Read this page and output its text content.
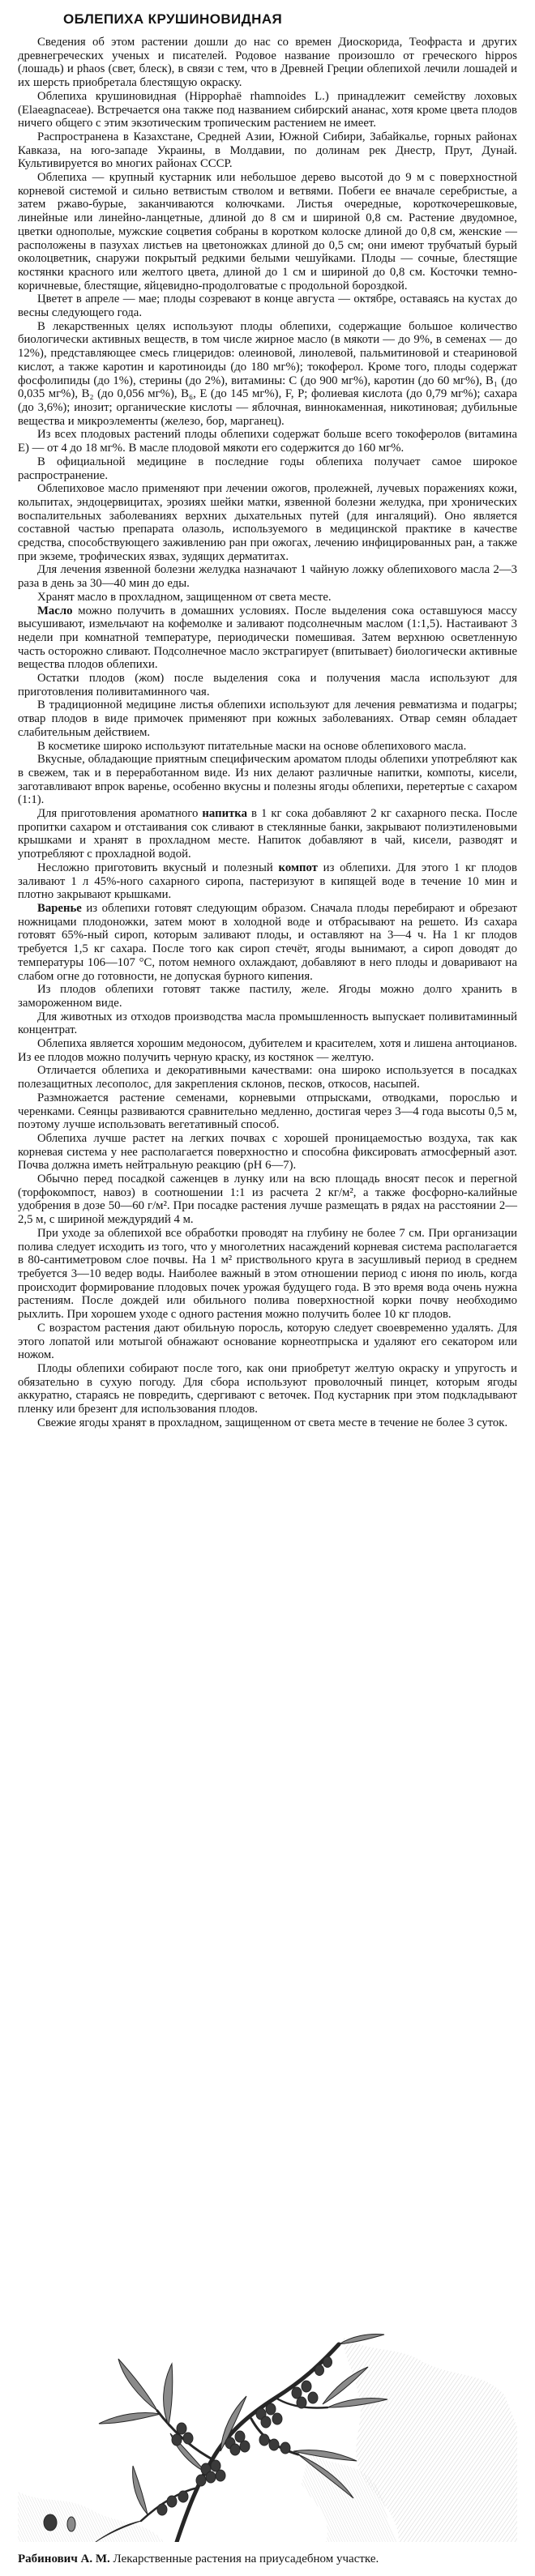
ОБЛЕПИХА КРУШИНОВИДНАЯ

Сведения об этом растении дошли до нас со времен Диоскорида, Теофраста и других древнегреческих ученых и писателей. Родовое название произошло от греческого hippos (лошадь) и phaos (свет, блеск), в связи с тем, что в Древней Греции облепихой лечили лошадей и их шерсть приобретала блестящую окраску.

Облепиха крушиновидная (Hippophaë rhamnoides L.) принадлежит семейству лоховых (Elaeagnaceae). Встречается она также под названием сибирский ананас, хотя кроме цвета плодов ничего общего с этим экзотическим тропическим растением не имеет.

Распространена в Казахстане, Средней Азии, Южной Сибири, Забайкалье, горных районах Кавказа, на юго-западе Украины, в Молдавии, по долинам рек Днестр, Прут, Дунай. Культивируется во многих районах СССР.

Облепиха — крупный кустарник или небольшое дерево высотой до 9 м с поверхностной корневой системой и сильно ветвистым стволом и ветвями. Побеги ее вначале серебристые, а затем ржаво-бурые, заканчиваются колючками. Листья очередные, короткочерешковые, линейные или линейно-ланцетные, длиной до 8 см и шириной 0,8 см. Растение двудомное, цветки однополые, мужские соцветия собраны в коротком колоске длиной до 0,8 см, женские — расположены в пазухах листьев на цветоножках длиной до 0,5 см; они имеют трубчатый бурый околоцветник, снаружи покрытый редкими белыми чешуйками. Плоды — сочные, блестящие костянки красного или желтого цвета, длиной до 1 см и шириной до 0,8 см. Косточки темно-коричневые, блестящие, яйцевидно-продолговатые с продольной бороздкой.

Цветет в апреле — мае; плоды созревают в конце августа — октябре, оставаясь на кустах до весны следующего года.

В лекарственных целях используют плоды облепихи, содержащие большое количество биологически активных веществ, в том числе жирное масло (в мякоти — до 9%, в семенах — до 12%), представляющее смесь глицеридов: олеиновой, линолевой, пальмитиновой и стеариновой кислот, а также каротин и каротиноиды (до 180 мг%); токоферол. Кроме того, плоды содержат фосфолипиды (до 1%), стерины (до 2%), витамины: C (до 900 мг%), каротин (до 60 мг%), B₁ (до 0,035 мг%), B₂ (до 0,056 мг%), B₆, E (до 145 мг%), F, P; фолиевая кислота (до 0,79 мг%); сахара (до 3,6%); инозит; органические кислоты — яблочная, виннокаменная, никотиновая; дубильные вещества и микроэлементы (железо, бор, марганец).

Из всех плодовых растений плоды облепихи содержат больше всего токоферолов (витамина E) — от 4 до 18 мг%. В масле плодовой мякоти его содержится до 160 мг%.

В официальной медицине в последние годы облепиха получает самое широкое распространение.

Облепиховое масло применяют при лечении ожогов, пролежней, лучевых поражениях кожи, кольпитах, эндоцервицитах, эрозиях шейки матки, язвенной болезни желудка, при хронических воспалительных заболеваниях верхних дыхательных путей (для ингаляций). Оно является составной частью препарата олазоль, используемого в медицинской практике в качестве средства, способствующего заживлению ран при ожогах, лечению инфицированных ран, а также при экземе, трофических язвах, зудящих дерматитах.

Для лечения язвенной болезни желудка назначают 1 чайную ложку облепихового масла 2—3 раза в день за 30—40 мин до еды.

Хранят масло в прохладном, защищенном от света месте.

Масло можно получить в домашних условиях. После выделения сока оставшуюся массу высушивают, измельчают на кофемолке и заливают подсолнечным маслом (1:1,5). Настаивают 3 недели при комнатной температуре, периодически помешивая. Затем верхнюю осветленную часть осторожно сливают. Подсолнечное масло экстрагирует (впитывает) биологически активные вещества плодов облепихи.

Остатки плодов (жом) после выделения сока и получения масла используют для приготовления поливитаминного чая.

В традиционной медицине листья облепихи используют для лечения ревматизма и подагры; отвар плодов в виде примочек применяют при кожных заболеваниях. Отвар семян обладает слабительным действием.

В косметике широко используют питательные маски на основе облепихового масла.

Вкусные, обладающие приятным специфическим ароматом плоды облепихи употребляют как в свежем, так и в переработанном виде. Из них делают различные напитки, компоты, кисели, заготавливают впрок варенье, особенно вкусны и полезны ягоды облепихи, перетертые с сахаром (1:1).

Для приготовления ароматного напитка в 1 кг сока добавляют 2 кг сахарного песка. После пропитки сахаром и отстаивания сок сливают в стеклянные банки, закрывают полиэтиленовыми крышками и хранят в прохладном месте. Напиток добавляют в чай, кисели, разводят и употребляют с прохладной водой.

Несложно приготовить вкусный и полезный компот из облепихи. Для этого 1 кг плодов заливают 1 л 45%-ного сахарного сиропа, пастеризуют в кипящей воде в течение 10 мин и плотно закрывают крышками.

Варенье из облепихи готовят следующим образом. Сначала плоды перебирают и обрезают ножницами плодоножки, затем моют в холодной воде и отбрасывают на решето. Из сахара готовят 65%-ный сироп, которым заливают плоды, и оставляют на 3—4 ч. На 1 кг плодов требуется 1,5 кг сахара. После того как сироп стечёт, ягоды вынимают, а сироп доводят до температуры 106—107 °C, потом немного охлаждают, добавляют в него плоды и доваривают на слабом огне до готовности, не допуская бурного кипения.

Из плодов облепихи готовят также пастилу, желе. Ягоды можно долго хранить в замороженном виде.

Для животных из отходов производства масла промышленность выпускает поливитаминный концентрат.

Облепиха является хорошим медоносом, дубителем и красителем, хотя и лишена антоцианов. Из ее плодов можно получить черную краску, из костянок — желтую.

Отличается облепиха и декоративными качествами: она широко используется в посадках полезащитных лесополос, для закрепления склонов, песков, откосов, насыпей.

Размножается растение семенами, корневыми отпрысками, отводками, порослью и черенками. Сеянцы развиваются сравнительно медленно, достигая через 3—4 года высоты 0,5 м, поэтому лучше использовать вегетативный способ.

Облепиха лучше растет на легких почвах с хорошей проницаемостью воздуха, так как корневая система у нее располагается поверхностно и способна фиксировать атмосферный азот. Почва должна иметь нейтральную реакцию (pH 6—7).

Обычно перед посадкой саженцев в лунку или на всю площадь вносят песок и перегной (торфокомпост, навоз) в соотношении 1:1 из расчета 2 кг/м², а также фосфорно-калийные удобрения в дозе 50—60 г/м². При посадке растения лучше размещать в рядах на расстоянии 2—2,5 м, с шириной междурядий 4 м.

При уходе за облепихой все обработки проводят на глубину не более 7 см. При организации полива следует исходить из того, что у многолетних насаждений корневая система располагается в 80-сантиметровом слое почвы. На 1 м² приствольного круга в засушливый период в среднем требуется 3—10 ведер воды. Наиболее важный в этом отношении период с июня по июль, когда происходит формирование плодовых почек урожая будущего года. В это время вода очень нужна растениям. После дождей или обильного полива поверхностной корки почву необходимо рыхлить. При хорошем уходе с одного растения можно получить более 10 кг плодов.

С возрастом растения дают обильную поросль, которую следует своевременно удалять. Для этого лопатой или мотыгой обнажают основание корнеотпрыска и удаляют его секатором или ножом.

Плоды облепихи собирают после того, как они приобретут желтую окраску и упругость и обязательно в сухую погоду. Для сбора используют проволочный пинцет, которым ягоды аккуратно, стараясь не повредить, сдергивают с веточек. Под кустарник при этом подкладывают пленку или брезент для использования плодов.

Свежие ягоды хранят в прохладном, защищенном от света месте в течение не более 3 суток.

Рабинович А. М. Лекарственные растения на приусадебном участке.
